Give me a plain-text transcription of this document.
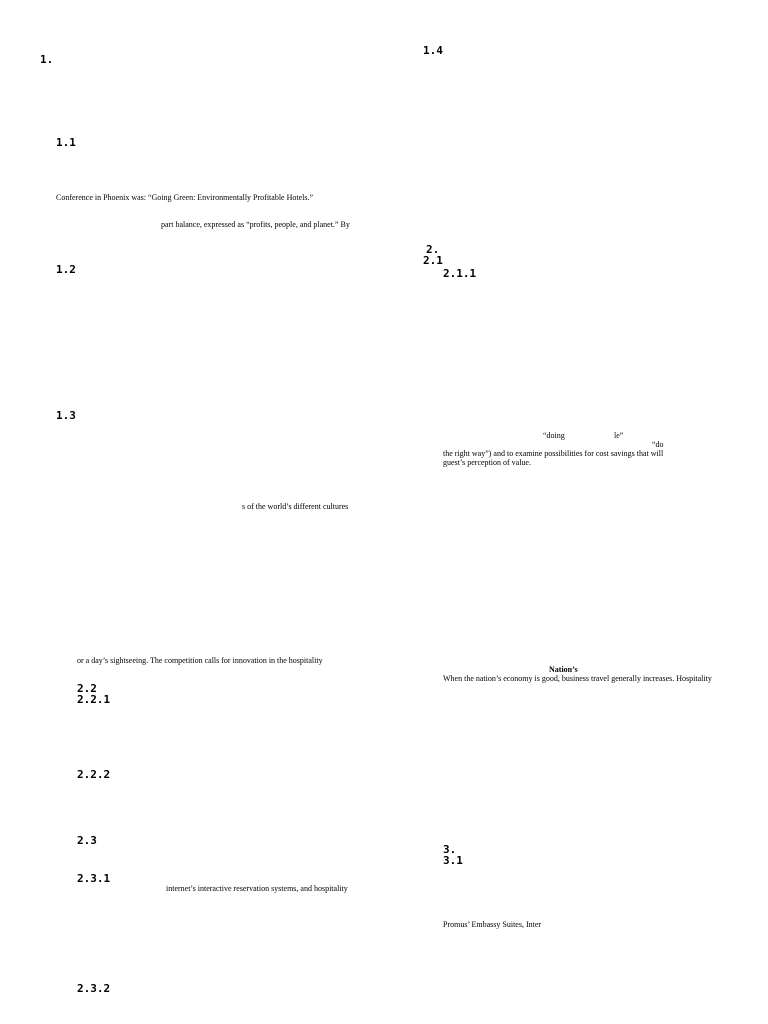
1.
1.1
Conference in Phoenix was: “Going Green: Environmentally Profitable Hotels.”
part balance, expressed as “profits, people, and planet.” By
1.2
1.3
s of the world’s different cultures
or a day’s sightseeing. The competition calls for innovation in the hospitality
2.2
2.2.1
2.2.2
2.3
2.3.1
internet’s interactive reservation systems, and hospitality
2.3.2
1.4
2.
2.1
2.1.1
“doing	le”
“do
the right way”) and to examine possibilities for cost savings that will
guest’s perception of value.
Nation’s
When the nation’s economy is good, business travel generally increases. Hospitality
3.
3.1
Promus’ Embassy Suites, Inter
